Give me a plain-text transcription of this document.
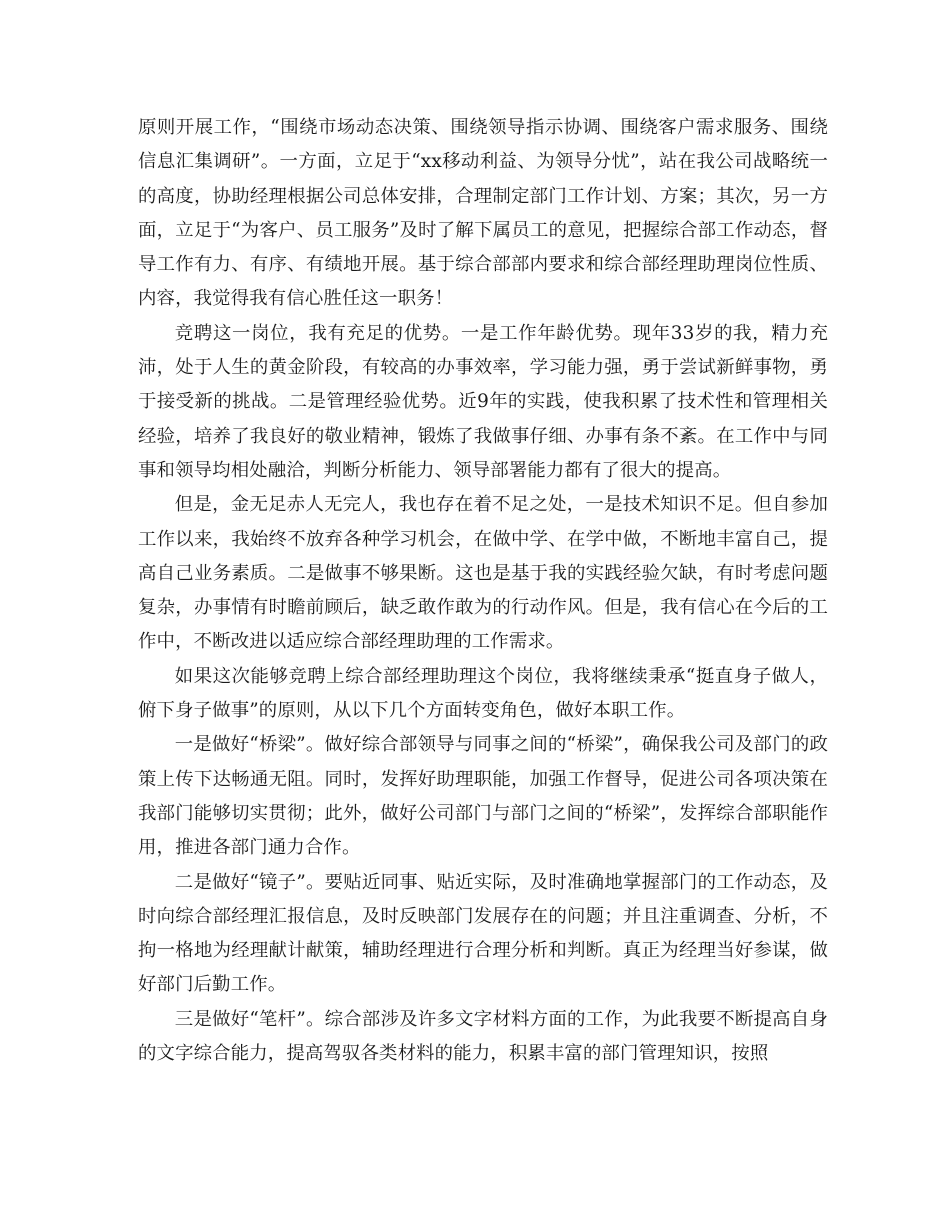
原则开展工作，“围绕市场动态决策、围绕领导指示协调、围绕客户需求服务、围绕信息汇集调研”。一方面，立足于“xx移动利益、为领导分忧”，站在我公司战略统一的高度，协助经理根据公司总体安排，合理制定部门工作计划、方案；其次，另一方面，立足于“为客户、员工服务”及时了解下属员工的意见，把握综合部工作动态，督导工作有力、有序、有绩地开展。基于综合部部内要求和综合部经理助理岗位性质、内容，我觉得我有信心胜任这一职务！

竞聘这一岗位，我有充足的优势。一是工作年龄优势。现年33岁的我，精力充沛，处于人生的黄金阶段，有较高的办事效率，学习能力强，勇于尝试新鲜事物，勇于接受新的挑战。二是管理经验优势。近9年的实践，使我积累了技术性和管理相关经验，培养了我良好的敬业精神，锻炼了我做事仔细、办事有条不紊。在工作中与同事和领导均相处融洽，判断分析能力、领导部署能力都有了很大的提高。

但是，金无足赤人无完人，我也存在着不足之处，一是技术知识不足。但自参加工作以来，我始终不放弃各种学习机会，在做中学、在学中做，不断地丰富自己，提高自己业务素质。二是做事不够果断。这也是基于我的实践经验欠缺，有时考虑问题复杂，办事情有时瞻前顾后，缺乏敢作敢为的行动作风。但是，我有信心在今后的工作中，不断改进以适应综合部经理助理的工作需求。

如果这次能够竞聘上综合部经理助理这个岗位，我将继续秉承“挺直身子做人，俯下身子做事”的原则，从以下几个方面转变角色，做好本职工作。

一是做好“桥梁”。做好综合部领导与同事之间的“桥梁”，确保我公司及部门的政策上传下达畅通无阻。同时，发挥好助理职能，加强工作督导，促进公司各项决策在我部门能够切实贯彻；此外，做好公司部门与部门之间的“桥梁”，发挥综合部职能作用，推进各部门通力合作。

二是做好“镜子”。要贴近同事、贴近实际，及时准确地掌握部门的工作动态，及时向综合部经理汇报信息，及时反映部门发展存在的问题；并且注重调查、分析，不拘一格地为经理献计献策，辅助经理进行合理分析和判断。真正为经理当好参谋，做好部门后勤工作。

三是做好“笔杆”。综合部涉及许多文字材料方面的工作，为此我要不断提高自身的文字综合能力，提高驾驭各类材料的能力，积累丰富的部门管理知识，按照
